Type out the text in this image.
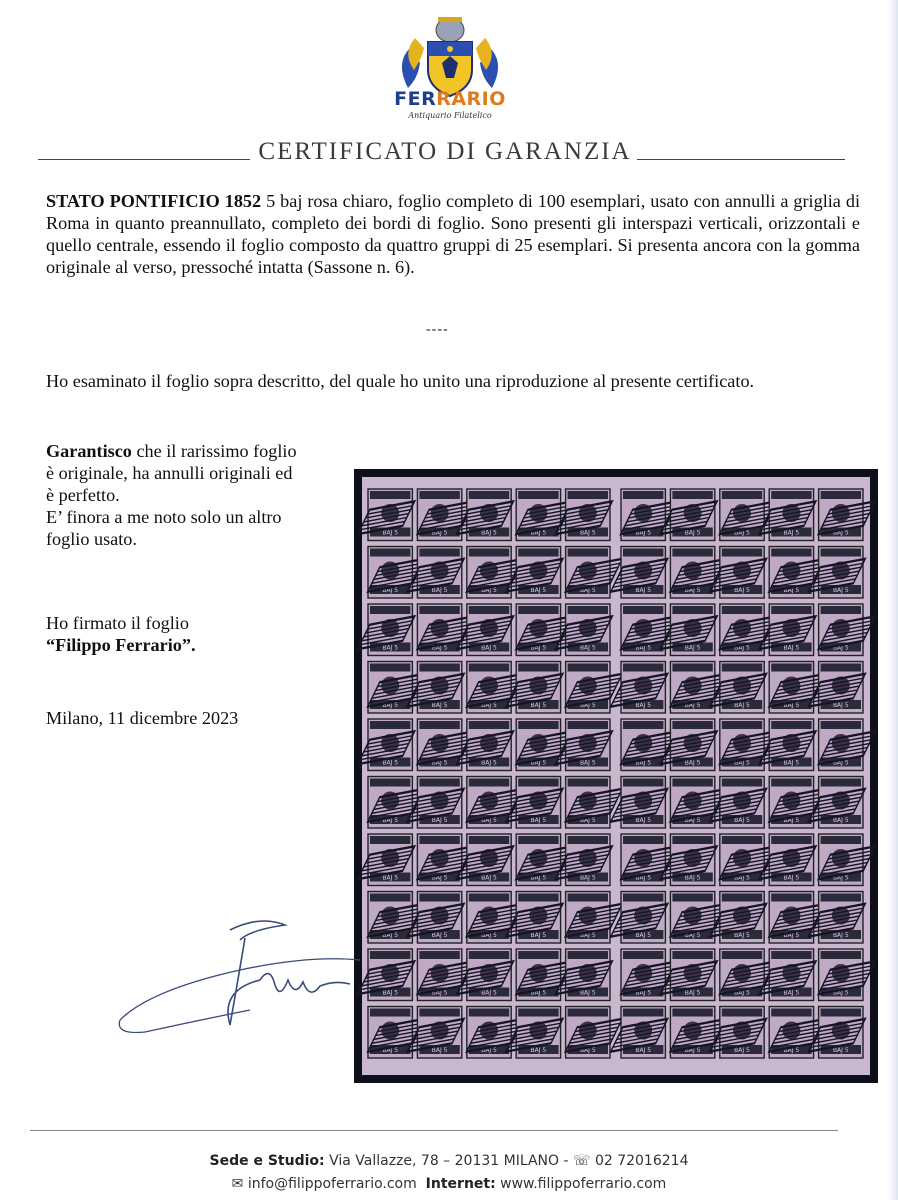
FERRARIO
Antiquario Filatelico
CERTIFICATO DI GARANZIA

STATO PONTIFICIO 1852 5 baj rosa chiaro, foglio completo di 100 esemplari, usato con annulli a griglia di Roma in quanto preannullato, completo dei bordi di foglio. Sono presenti gli interspazi verticali, orizzontali e quello centrale, essendo il foglio composto da quattro gruppi di 25 esemplari. Si presenta ancora con la gomma originale al verso, pressoché intatta (Sassone n. 6).

----

Ho esaminato il foglio sopra descritto, del quale ho unito una riproduzione al presente certificato.

Garantisco che il rarissimo foglio
è originale, ha annulli originali ed
è perfetto.
E’ finora a me noto solo un altro
foglio usato.
Ho firmato il foglio
“Filippo Ferrario”.
Milano, 11 dicembre 2023
BAJ 5	BAJ 5	BAJ 5	BAJ 5	BAJ 5	BAJ 5	BAJ 5	BAJ 5	BAJ 5	BAJ 5
BAJ 5	BAJ 5	BAJ 5	BAJ 5	BAJ 5	BAJ 5	BAJ 5	BAJ 5	BAJ 5	BAJ 5
BAJ 5	BAJ 5	BAJ 5	BAJ 5	BAJ 5	BAJ 5	BAJ 5	BAJ 5	BAJ 5	BAJ 5
BAJ 5	BAJ 5	BAJ 5	BAJ 5	BAJ 5	BAJ 5	BAJ 5	BAJ 5	BAJ 5	BAJ 5
BAJ 5	BAJ 5	BAJ 5	BAJ 5	BAJ 5	BAJ 5	BAJ 5	BAJ 5	BAJ 5	BAJ 5
BAJ 5	BAJ 5	BAJ 5	BAJ 5	BAJ 5	BAJ 5	BAJ 5	BAJ 5	BAJ 5	BAJ 5
BAJ 5	BAJ 5	BAJ 5	BAJ 5	BAJ 5	BAJ 5	BAJ 5	BAJ 5	BAJ 5	BAJ 5
BAJ 5	BAJ 5	BAJ 5	BAJ 5	BAJ 5	BAJ 5	BAJ 5	BAJ 5	BAJ 5	BAJ 5
BAJ 5	BAJ 5	BAJ 5	BAJ 5	BAJ 5	BAJ 5	BAJ 5	BAJ 5	BAJ 5	BAJ 5
BAJ 5	BAJ 5	BAJ 5	BAJ 5	BAJ 5	BAJ 5	BAJ 5	BAJ 5	BAJ 5	BAJ 5
Sede e Studio: Via Vallazze, 78 – 20131 MILANO - ☏ 02 72016214
✉ info@filippoferrario.com Internet: www.filippoferrario.com
